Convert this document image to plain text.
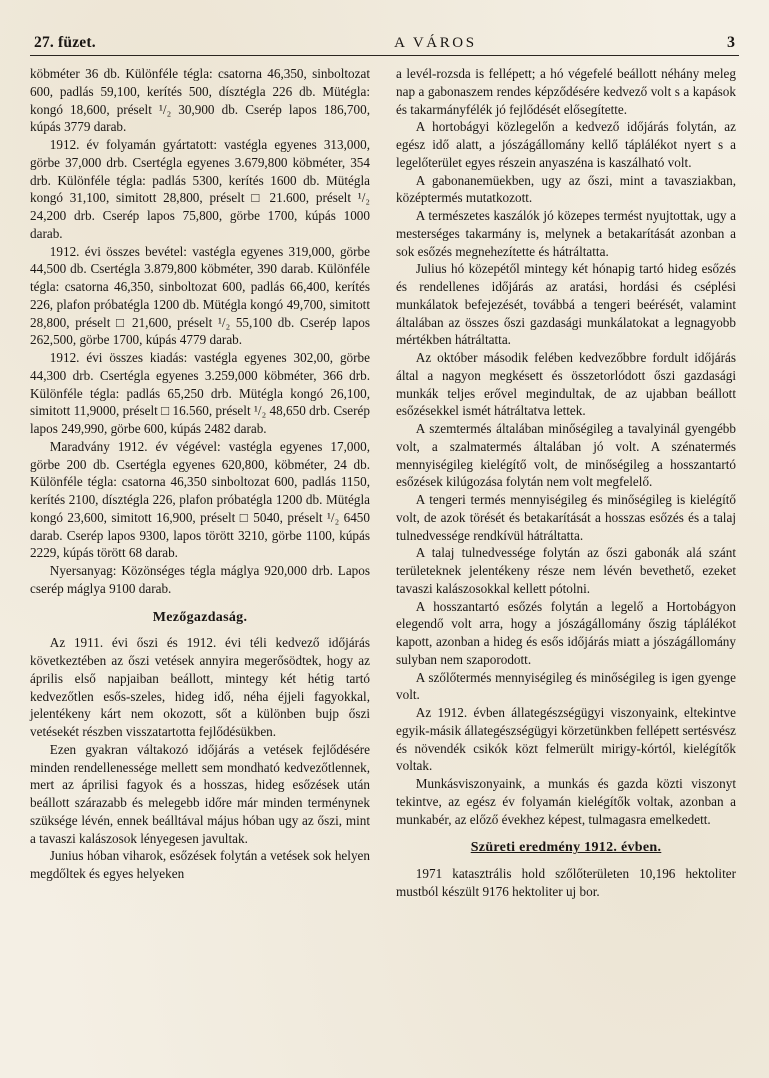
27. füzet.	A VÁROS	3

köbméter 36 db. Különféle tégla: csatorna 46,350, sinboltozat 600, padlás 59,100, kerítés 500, dísztégla 226 db. Mütégla: kongó 18,600, préselt ¹/₂ 30,900 db. Cserép lapos 186,700, kúpás 3779 darab.

1912. év folyamán gyártatott: vastégla egyenes 313,000, görbe 37,000 drb. Csertégla egyenes 3.679,800 köbméter, 354 drb. Különféle tégla: padlás 5300, kerítés 1600 db. Mütégla kongó 31,100, simitott 28,800, préselt □ 21.600, préselt ¹/₂ 24,200 drb. Cserép lapos 75,800, görbe 1700, kúpás 1000 darab.

1912. évi összes bevétel: vastégla egyenes 319,000, görbe 44,500 db. Csertégla 3.879,800 köbméter, 390 darab. Különféle tégla: csatorna 46,350, sinboltozat 600, padlás 66,400, kerítés 226, plafon próbatégla 1200 db. Mütégla kongó 49,700, simitott 28,800, préselt □ 21,600, préselt ¹/₂ 55,100 db. Cserép lapos 262,500, görbe 1700, kúpás 4779 darab.

1912. évi összes kiadás: vastégla egyenes 302,00, görbe 44,300 drb. Csertégla egyenes 3.259,000 köbméter, 366 drb. Különféle tégla: padlás 65,250 drb. Mütégla kongó 26,100, simitott 11,9000, préselt □ 16.560, préselt ¹/₂ 48,650 drb. Cserép lapos 249,990, görbe 600, kúpás 2482 darab.

Maradvány 1912. év végével: vastégla egyenes 17,000, görbe 200 db. Csertégla egyenes 620,800, köbméter, 24 db. Különféle tégla: csatorna 46,350 sinboltozat 600, padlás 1150, kerítés 2100, dísztégla 226, plafon próbatégla 1200 db. Mütégla kongó 23,600, simitott 16,900, préselt □ 5040, préselt ¹/₂ 6450 darab. Cserép lapos 9300, lapos törött 3210, görbe 1100, kúpás 2229, kúpás törött 68 darab.

Nyersanyag: Közönséges tégla máglya 920,000 drb. Lapos cserép máglya 9100 darab.

Mezőgazdaság.

Az 1911. évi őszi és 1912. évi téli kedvező időjárás következtében az őszi vetések annyira megerősödtek, hogy az április első napjaiban beállott, mintegy két hétig tartó kedvezőtlen esős-szeles, hideg idő, néha éjjeli fagyokkal, jelentékeny kárt nem okozott, sőt a különben bujp őszi vetésekét részben visszatartotta fejlődésükben.

Ezen gyakran váltakozó időjárás a vetések fejlődésére minden rendellenessége mellett sem mondható kedvezőtlennek, mert az áprilisi fagyok és a hosszas, hideg esőzések után beállott szárazabb és melegebb időre már minden terménynek szüksége lévén, ennek beálltával május hóban ugy az őszi, mint a tavaszi kalászosok lényegesen javultak.

Junius hóban viharok, esőzések folytán a vetések sok helyen megdőltek és egyes helyeken

a levél-rozsda is fellépett; a hó végefelé beállott néhány meleg nap a gabonaszem rendes képződésére kedvező volt s a kapások és takarmányfélék jó fejlődését elősegítette.

A hortobágyi közlegelőn a kedvező időjárás folytán, az egész idő alatt, a jószágállomány kellő táplálékot nyert s a legelőterület egyes részein anyaszéna is kaszálható volt.

A gabonanemüekben, ugy az őszi, mint a tavasziakban, középtermés mutatkozott.

A természetes kaszálók jó közepes termést nyujtottak, ugy a mesterséges takarmány is, melynek a betakarítását azonban a sok esőzés megnehezítette és hátráltatta.

Julius hó közepétől mintegy két hónapig tartó hideg esőzés és rendellenes időjárás az aratási, hordási és cséplési munkálatok befejezését, továbbá a tengeri beérését, valamint általában az összes őszi gazdasági munkálatokat a legnagyobb mértékben hátráltatta.

Az október második felében kedvezőbbre fordult időjárás által a nagyon megkésett és összetorlódott őszi gazdasági munkák teljes erővel megindultak, de az ujabban beállott esőzésekkel ismét hátráltatva lettek.

A szemtermés általában minőségileg a tavalyinál gyengébb volt, a szalmatermés általában jó volt. A szénatermés mennyiségileg kielégítő volt, de minőségileg a hosszantartó esőzések kilúgozása folytán nem volt megfelelő.

A tengeri termés mennyiségileg és minőségileg is kielégítő volt, de azok törését és betakarítását a hosszas esőzés és a talaj tulnedvessége rendkívül hátráltatta.

A talaj tulnedvessége folytán az őszi gabonák alá szánt területeknek jelentékeny része nem lévén bevethető, ezeket tavaszi kalászosokkal kellett pótolni.

A hosszantartó esőzés folytán a legelő a Hortobágyon elegendő volt arra, hogy a jószágállomány őszig táplálékot kapott, azonban a hideg és esős időjárás miatt a jószágállomány sulyban nem szaporodott.

A szőlőtermés mennyiségileg és minőségileg is igen gyenge volt.

Az 1912. évben állategészségügyi viszonyaink, eltekintve egyik-másik állategészségügyi körzetünkben fellépett sertésvész és növendék csikók közt felmerült mirigy-kórtól, kielégítők voltak.

Munkásviszonyaink, a munkás és gazda közti viszonyt tekintve, az egész év folyamán kielégítők voltak, azonban a munkabér, az előző évekhez képest, tulmagasra emelkedett.

Szüreti eredmény 1912. évben.

1971 katasztrális hold szőlőterületen 10,196 hektoliter mustból készült 9176 hektoliter uj bor.
